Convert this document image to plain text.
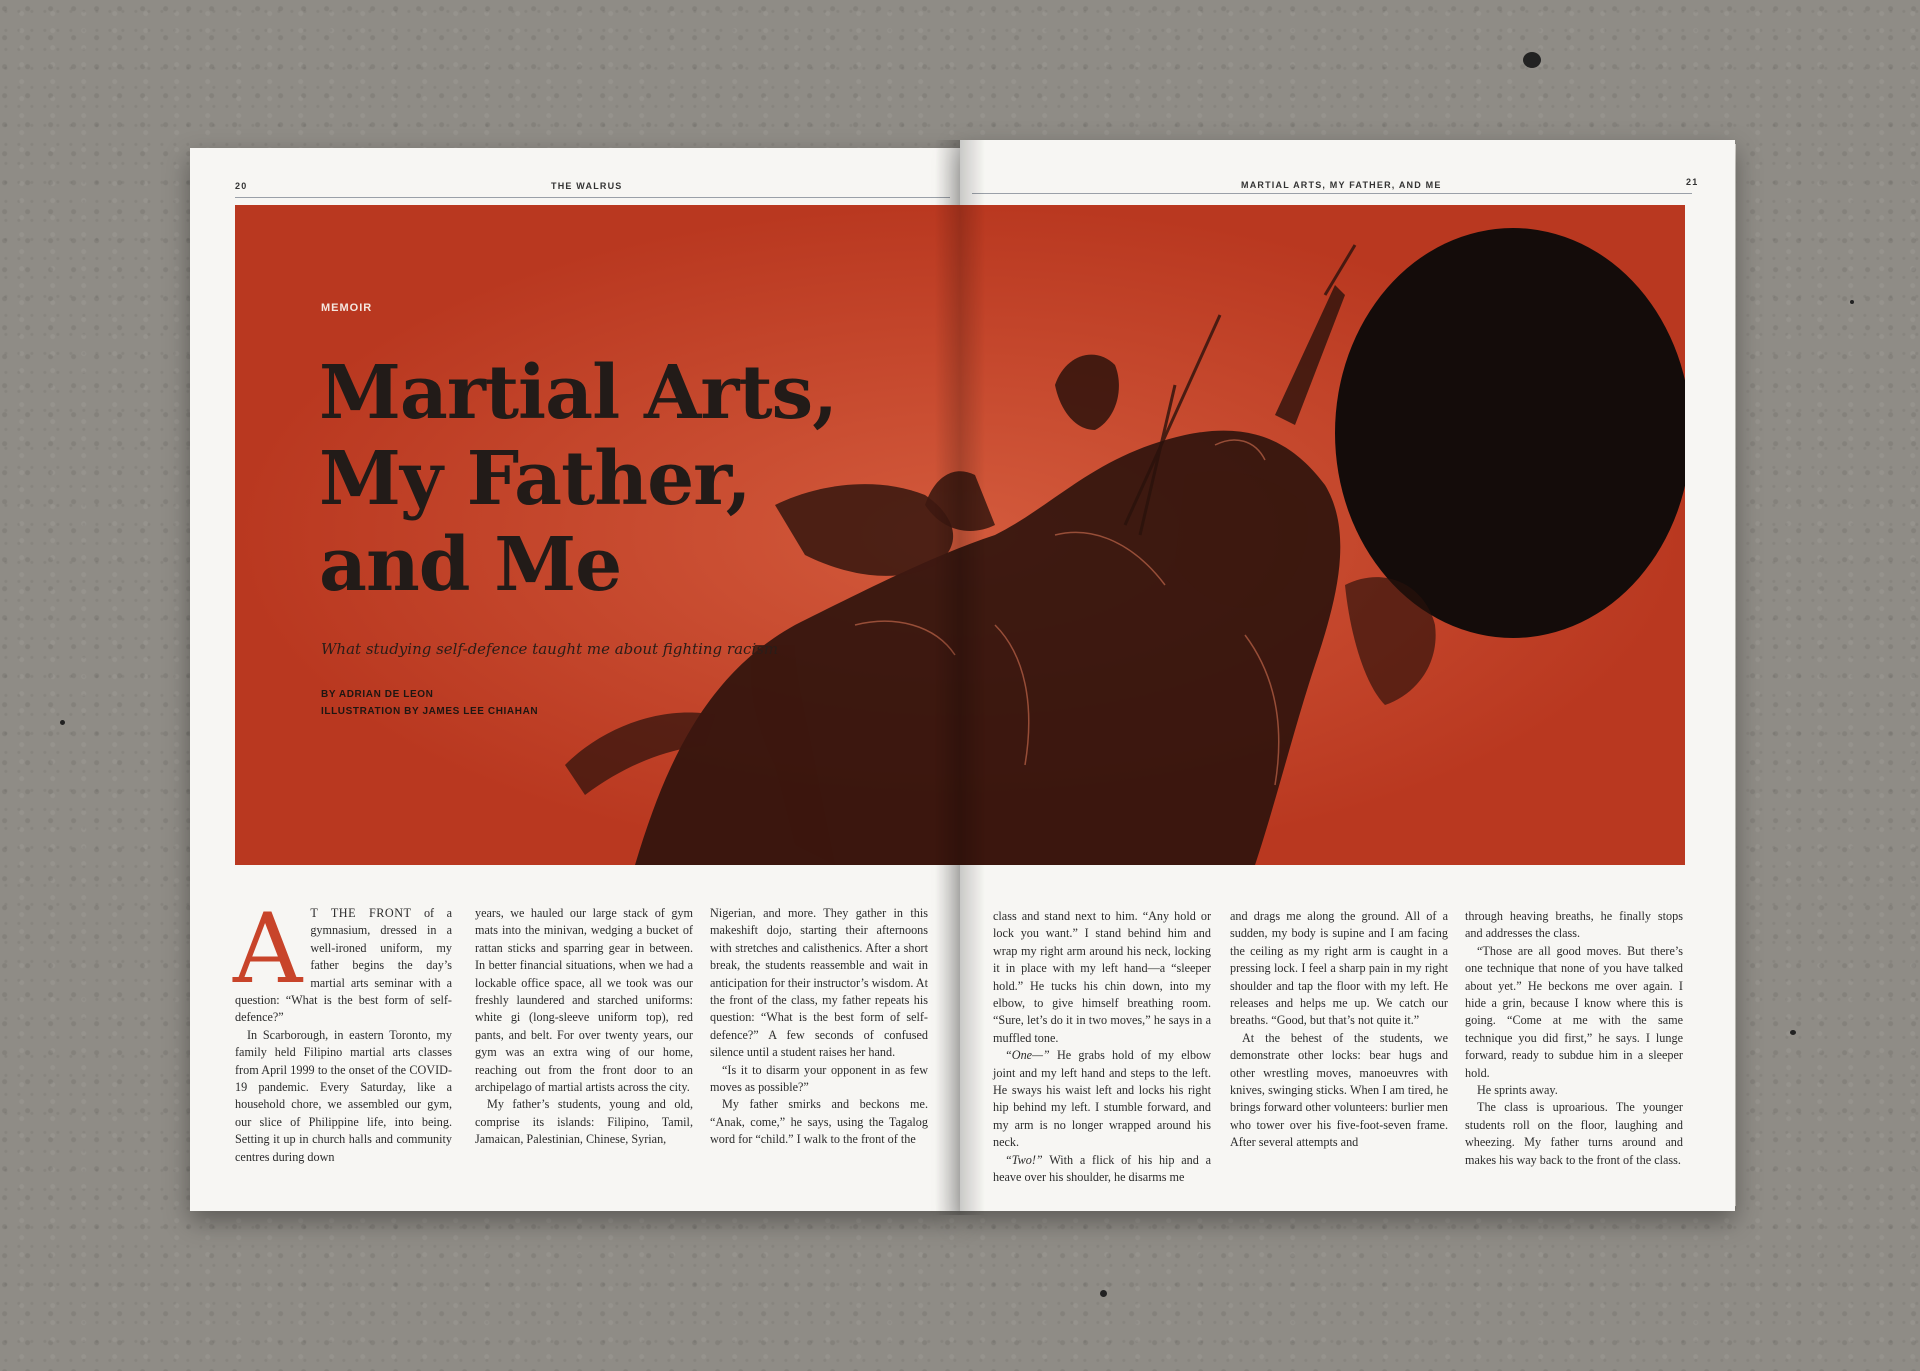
20	THE WALRUS	MARTIAL ARTS, MY FATHER, AND ME	21
MEMOIR
Martial Arts,
My Father,
and Me
What studying self-defence taught me about fighting racism
BY ADRIAN DE LEON
ILLUSTRATION BY JAMES LEE CHIAHAN

A T THE FRONT of a gymnasium, dressed in a well-ironed uniform, my father begins the day’s martial arts seminar with a question: “What is the best form of self-defence?”

In Scarborough, in eastern Toronto, my family held Filipino martial arts classes from April 1999 to the onset of the COVID-19 pandemic. Every Saturday, like a household chore, we assembled our gym, our slice of Philippine life, into being. Setting it up in church halls and community centres during down

years, we hauled our large stack of gym mats into the minivan, wedging a bucket of rattan sticks and sparring gear in between. In better financial situations, when we had a lockable office space, all we took was our freshly laundered and starched uniforms: white gi (long-sleeve uniform top), red pants, and belt. For over twenty years, our gym was an extra wing of our home, reaching out from the front door to an archipelago of martial artists across the city.

My father’s students, young and old, comprise its islands: Filipino, Tamil, Jamaican, Palestinian, Chinese, Syrian,

Nigerian, and more. They gather in this makeshift dojo, starting their afternoons with stretches and calisthenics. After a short break, the students reassemble and wait in anticipation for their instructor’s wisdom. At the front of the class, my father repeats his question: “What is the best form of self-defence?” A few seconds of confused silence until a student raises her hand.

“Is it to disarm your opponent in as few moves as possible?”

My father smirks and beckons me. “Anak, come,” he says, using the Tagalog word for “child.” I walk to the front of the

class and stand next to him. “Any hold or lock you want.” I stand behind him and wrap my right arm around his neck, locking it in place with my left hand—a “sleeper hold.” He tucks his chin down, into my elbow, to give himself breathing room. “Sure, let’s do it in two moves,” he says in a muffled tone.

“One—” He grabs hold of my elbow joint and my left hand and steps to the left. He sways his waist left and locks his right hip behind my left. I stumble forward, and my arm is no longer wrapped around his neck.

“Two!” With a flick of his hip and a heave over his shoulder, he disarms me

and drags me along the ground. All of a sudden, my body is supine and I am facing the ceiling as my right arm is caught in a pressing lock. I feel a sharp pain in my right shoulder and tap the floor with my left. He releases and helps me up. We catch our breaths. “Good, but that’s not quite it.”

At the behest of the students, we demonstrate other locks: bear hugs and other wrestling moves, manoeuvres with knives, swinging sticks. When I am tired, he brings forward other volunteers: burlier men who tower over his five-foot-seven frame. After several attempts and

through heaving breaths, he finally stops and addresses the class.

“Those are all good moves. But there’s one technique that none of you have talked about yet.” He beckons me over again. I hide a grin, because I know where this is going. “Come at me with the same technique you did first,” he says. I lunge forward, ready to subdue him in a sleeper hold.

He sprints away.

The class is uproarious. The younger students roll on the floor, laughing and wheezing. My father turns around and makes his way back to the front of the class.
